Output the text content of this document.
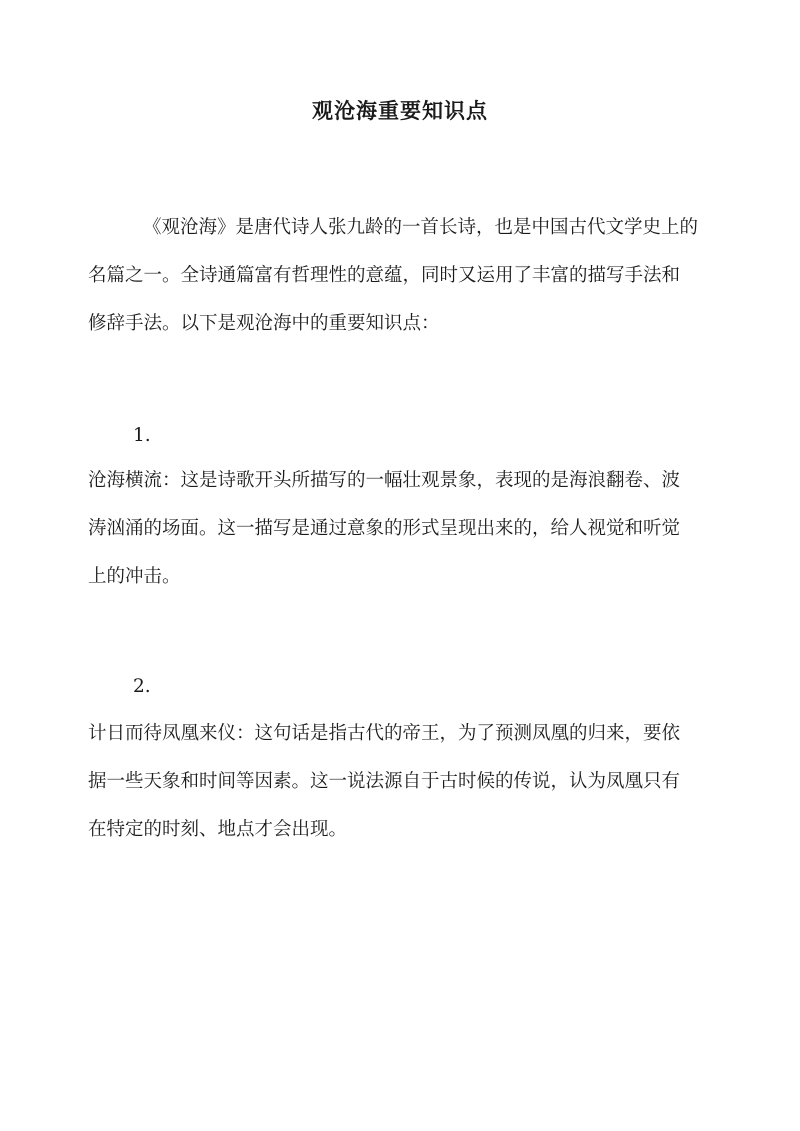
观沧海重要知识点
《观沧海》是唐代诗人张九龄的一首长诗，也是中国古代文学史上的
名篇之一。全诗通篇富有哲理性的意蕴，同时又运用了丰富的描写手法和
修辞手法。以下是观沧海中的重要知识点：
1.
沧海横流：这是诗歌开头所描写的一幅壮观景象，表现的是海浪翻卷、波
涛汹涌的场面。这一描写是通过意象的形式呈现出来的，给人视觉和听觉
上的冲击。
2.
计日而待凤凰来仪：这句话是指古代的帝王，为了预测凤凰的归来，要依
据一些天象和时间等因素。这一说法源自于古时候的传说，认为凤凰只有
在特定的时刻、地点才会出现。
